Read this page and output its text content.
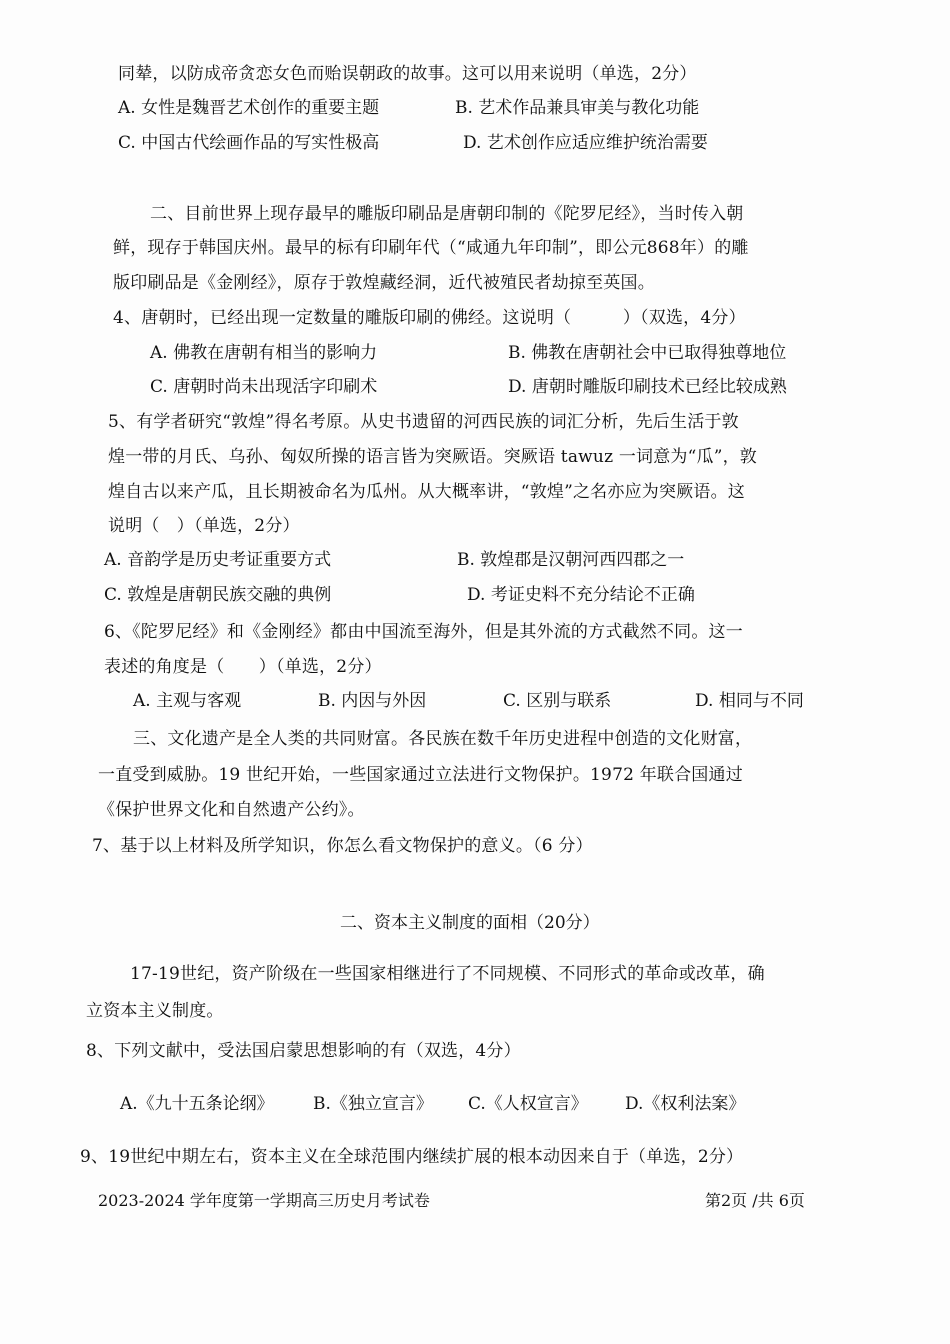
同辇，以防成帝贪恋女色而贻误朝政的故事。这可以用来说明（单选，2分）
A. 女性是魏晋艺术创作的重要主题	B. 艺术作品兼具审美与教化功能
C. 中国古代绘画作品的写实性极高	D. 艺术创作应适应维护统治需要
二、目前世界上现存最早的雕版印刷品是唐朝印制的《陀罗尼经》，当时传入朝
鲜，现存于韩国庆州。最早的标有印刷年代（“咸通九年印制”，即公元868年）的雕
版印刷品是《金刚经》，原存于敦煌藏经洞，近代被殖民者劫掠至英国。
4、唐朝时，已经出现一定数量的雕版印刷的佛经。这说明（　　　）（双选，4分）
A. 佛教在唐朝有相当的影响力	B. 佛教在唐朝社会中已取得独尊地位
C. 唐朝时尚未出现活字印刷术	D. 唐朝时雕版印刷技术已经比较成熟
5、有学者研究“敦煌”得名考原。从史书遗留的河西民族的词汇分析，先后生活于敦
煌一带的月氏、乌孙、匈奴所操的语言皆为突厥语。突厥语 tawuz 一词意为“瓜”，敦
煌自古以来产瓜，且长期被命名为瓜州。从大概率讲，“敦煌”之名亦应为突厥语。这
说明（　）（单选，2分）
A. 音韵学是历史考证重要方式	B. 敦煌郡是汉朝河西四郡之一
C. 敦煌是唐朝民族交融的典例	D. 考证史料不充分结论不正确
6、《陀罗尼经》和《金刚经》都由中国流至海外，但是其外流的方式截然不同。这一
表述的角度是（　　）（单选，2分）
A. 主观与客观	B. 内因与外因	C. 区别与联系	D. 相同与不同
三、文化遗产是全人类的共同财富。各民族在数千年历史进程中创造的文化财富，
一直受到威胁。19 世纪开始，一些国家通过立法进行文物保护。1972 年联合国通过
《保护世界文化和自然遗产公约》。
7、基于以上材料及所学知识，你怎么看文物保护的意义。（6 分）
二、资本主义制度的面相（20分）
17-19世纪，资产阶级在一些国家相继进行了不同规模、不同形式的革命或改革，确
立资本主义制度。
8、下列文献中，受法国启蒙思想影响的有（双选，4分）
A.《九十五条论纲》 B.《独立宣言》 C.《人权宣言》 D.《权利法案》
9、19世纪中期左右，资本主义在全球范围内继续扩展的根本动因来自于（单选，2分）
2023-2024 学年度第一学期高三历史月考试卷	第2页 /共 6页
